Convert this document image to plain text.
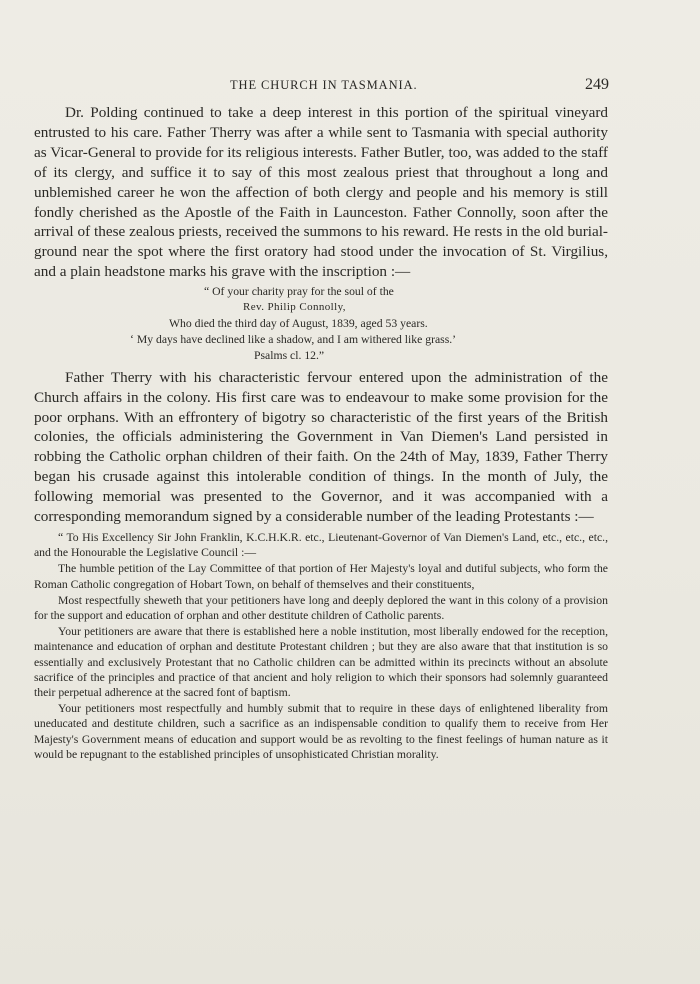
THE CHURCH IN TASMANIA.	249

Dr. Polding continued to take a deep interest in this portion of the spiritual vineyard entrusted to his care. Father Therry was after a while sent to Tasmania with special authority as Vicar-General to provide for its religious interests. Father Butler, too, was added to the staff of its clergy, and suffice it to say of this most zealous priest that throughout a long and unblemished career he won the affection of both clergy and people and his memory is still fondly cherished as the Apostle of the Faith in Launceston. Father Connolly, soon after the arrival of these zealous priests, received the summons to his reward. He rests in the old burial-ground near the spot where the first oratory had stood under the invocation of St. Virgilius, and a plain headstone marks his grave with the inscription :—

“ Of your charity pray for the soul of the
Rev. Philip Connolly,
Who died the third day of August, 1839, aged 53 years.
‘ My days have declined like a shadow, and I am withered like grass.’
Psalms cl. 12.”

Father Therry with his characteristic fervour entered upon the administration of the Church affairs in the colony. His first care was to endeavour to make some provision for the poor orphans. With an effrontery of bigotry so characteristic of the first years of the British colonies, the officials administering the Government in Van Diemen's Land persisted in robbing the Catholic orphan children of their faith. On the 24th of May, 1839, Father Therry began his crusade against this intolerable condition of things. In the month of July, the following memorial was presented to the Governor, and it was accompanied with a corresponding memorandum signed by a considerable number of the leading Protestants :—

“ To His Excellency Sir John Franklin, K.C.H.K.R. etc., Lieutenant-Governor of Van Diemen's Land, etc., etc., etc., and the Honourable the Legislative Council :—

The humble petition of the Lay Committee of that portion of Her Majesty's loyal and dutiful subjects, who form the Roman Catholic congregation of Hobart Town, on behalf of themselves and their constituents,

Most respectfully sheweth that your petitioners have long and deeply deplored the want in this colony of a provision for the support and education of orphan and other destitute children of Catholic parents.

Your petitioners are aware that there is established here a noble institution, most liberally endowed for the reception, maintenance and education of orphan and destitute Protestant children ; but they are also aware that that institution is so essentially and exclusively Protestant that no Catholic children can be admitted within its precincts without an absolute sacrifice of the principles and practice of that ancient and holy religion to which their sponsors had solemnly guaranteed their perpetual adherence at the sacred font of baptism.

Your petitioners most respectfully and humbly submit that to require in these days of enlightened liberality from uneducated and destitute children, such a sacrifice as an indispensable condition to qualify them to receive from Her Majesty's Government means of education and support would be as revolting to the finest feelings of human nature as it would be repugnant to the established principles of unsophisticated Christian morality.
